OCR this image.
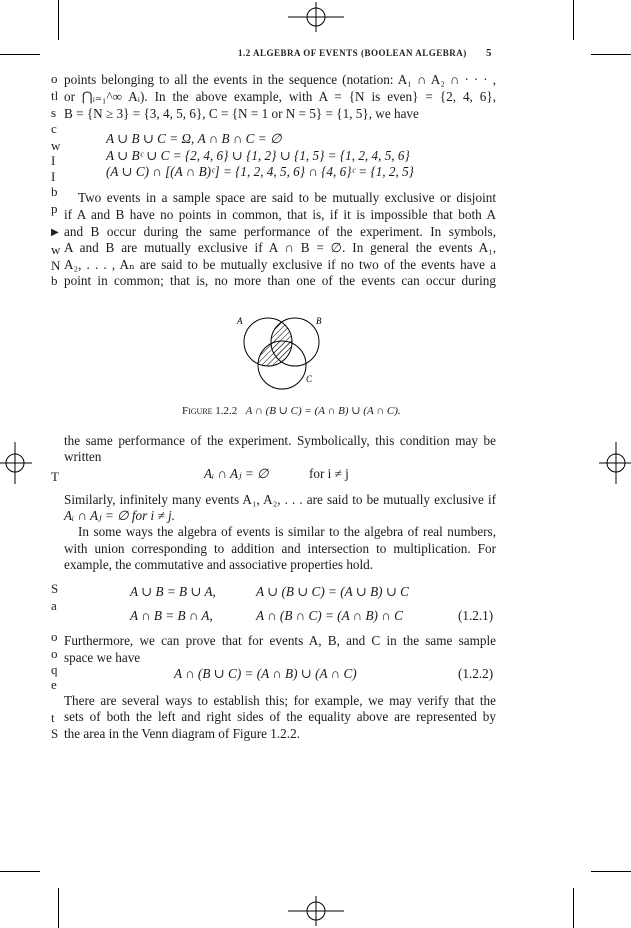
1.2 ALGEBRA OF EVENTS (BOOLEAN ALGEBRA) 5
o
tl
s
c
w
I
I
b
p
▶
w
N
b
T
S
a
o
o
q
e
t
S
points belonging to all the events in the sequence (notation: A₁ ∩ A₂ ∩ · · · ,
or ⋂ᵢ₌₁^∞ Aᵢ). In the above example, with A = {N is even} = {2, 4, 6},
B = {N ≥ 3} = {3, 4, 5, 6}, C = {N = 1 or N = 5} = {1, 5}, we have
A ∪ B ∪ C = Ω, A ∩ B ∩ C = ∅
A ∪ Bᶜ ∪ C = {2, 4, 6} ∪ {1, 2} ∪ {1, 5} = {1, 2, 4, 5, 6}
(A ∪ C) ∩ [(A ∩ B)ᶜ] = {1, 2, 4, 5, 6} ∩ {4, 6}ᶜ = {1, 2, 5}
Two events in a sample space are said to be mutually exclusive or disjoint
if A and B have no points in common, that is, if it is impossible that both A
and B occur during the same performance of the experiment. In symbols,
A and B are mutually exclusive if A ∩ B = ∅. In general the events A₁,
A₂, . . . , Aₙ are said to be mutually exclusive if no two of the events have a
point in common; that is, no more than one of the events can occur during
A	B
C
Figure 1.2.2 A ∩ (B ∪ C) = (A ∩ B) ∪ (A ∩ C).
the same performance of the experiment. Symbolically, this condition may be
written
Aᵢ ∩ Aⱼ = ∅	for i ≠ j
Similarly, infinitely many events A₁, A₂, . . . are said to be mutually exclusive if
Aᵢ ∩ Aⱼ = ∅ for i ≠ j.
In some ways the algebra of events is similar to the algebra of real numbers,
with union corresponding to addition and intersection to multiplication. For
example, the commutative and associative properties hold.
A ∪ B = B ∪ A,	A ∪ (B ∪ C) = (A ∪ B) ∪ C
A ∩ B = B ∩ A,	A ∩ (B ∩ C) = (A ∩ B) ∩ C	(1.2.1)
Furthermore, we can prove that for events A, B, and C in the same sample
space we have
A ∩ (B ∪ C) = (A ∩ B) ∪ (A ∩ C)	(1.2.2)
There are several ways to establish this; for example, we may verify that the
sets of both the left and right sides of the equality above are represented by
the area in the Venn diagram of Figure 1.2.2.
